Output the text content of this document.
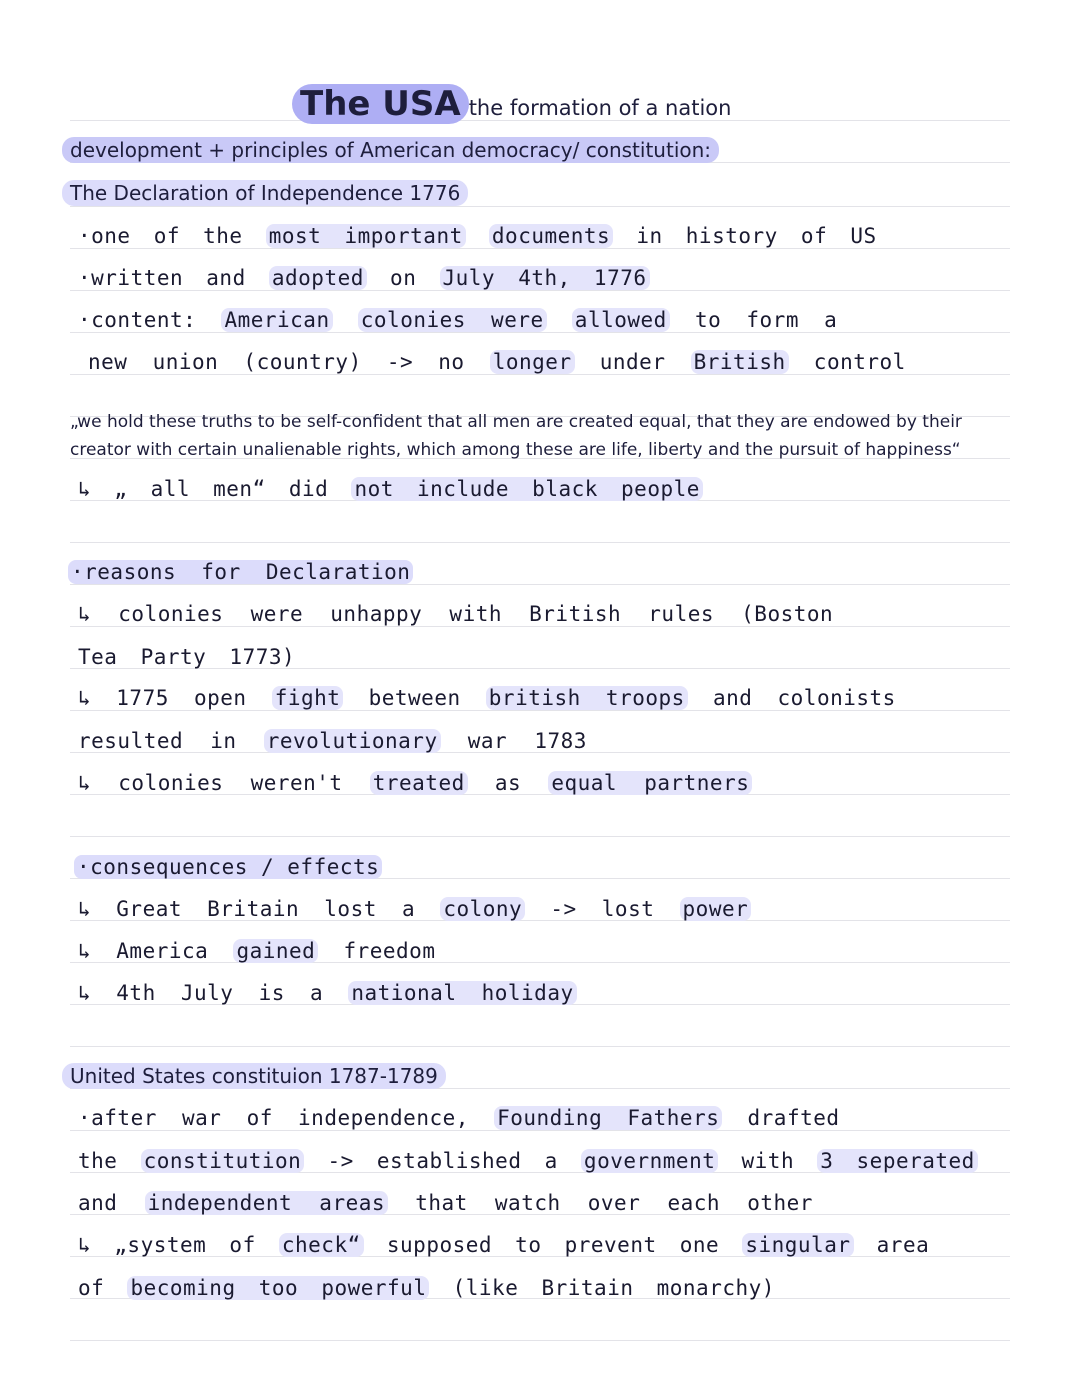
The USA the formation of a nation
development + principles of American democracy/ constitution:
The Declaration of Independence 1776
·one of the most important documents in history of US
·written and adopted on July 4th, 1776
·content: American colonies were allowed to form a
new union (country) -> no longer under British control
„we hold these truths to be self-confident that all men are created equal, that they are endowed by their
creator with certain unalienable rights, which among these are life, liberty and the pursuit of happiness“
↳ „ all men“ did not include black people
·reasons for Declaration
↳ colonies were unhappy with British rules (Boston
Tea Party 1773)
↳ 1775 open fight between british troops and colonists
resulted in revolutionary war 1783
↳ colonies weren't treated as equal partners
·consequences / effects
↳ Great Britain lost a colony -> lost power
↳ America gained freedom
↳ 4th July is a national holiday
United States constituion 1787-1789
·after war of independence, Founding Fathers drafted
the constitution -> established a government with 3 seperated
and independent areas that watch over each other
↳ „system of check“ supposed to prevent one singular area
of becoming too powerful (like Britain monarchy)
